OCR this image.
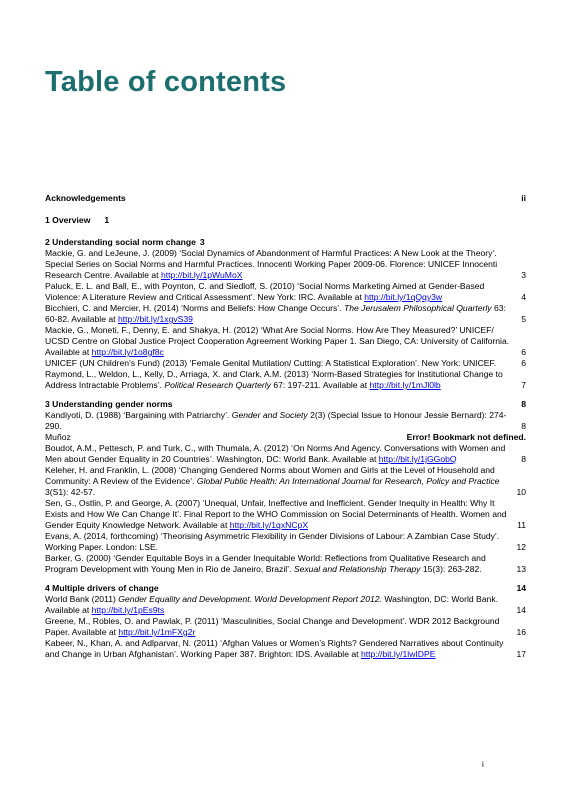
Table of contents
Acknowledgements	ii
1 Overview 1
2 Understanding social norm change 3
Mackie, G. and LeJeune, J. (2009) ‘Social Dynamics of Abandonment of Harmful Practices: A New Look at the Theory’. Special Series on Social Norms and Harmful Practices. Innocenti Working Paper 2009-06. Florence: UNICEF Innocenti Research Centre. Available at http://bit.ly/1pWuMoX	3
Paluck, E. L. and Ball, E., with Poynton, C. and Siedloff, S. (2010) ‘Social Norms Marketing Aimed at Gender-Based Violence: A Literature Review and Critical Assessment’. New York: IRC. Available at http://bit.ly/1qQqy3w	4
Bicchieri, C. and Mercier, H. (2014) ‘Norms and Beliefs: How Change Occurs’. The Jerusalem Philosophical Quarterly 63: 60-82. Available at http://bit.ly/1xgvS39	5
Mackie, G., Moneti, F., Denny, E. and Shakya, H. (2012) ‘What Are Social Norms. How Are They Measured?’ UNICEF/ UCSD Centre on Global Justice Project Cooperation Agreement Working Paper 1. San Diego, CA: University of California. Available at http://bit.ly/1o8gf8c	6
UNICEF (UN Children’s Fund) (2013) ‘Female Genital Mutilation/ Cutting: A Statistical Exploration’. New York: UNICEF.	6
Raymond, L., Weldon, L., Kelly, D., Arriaga, X. and Clark, A.M. (2013) ‘Norm-Based Strategies for Institutional Change to Address Intractable Problems’. Political Research Quarterly 67: 197-211. Available at http://bit.ly/1mJl0lb	7
3 Understanding gender norms	8
Kandiyoti, D. (1988) ‘Bargaining with Patriarchy’. Gender and Society 2(3) (Special Issue to Honour Jessie Bernard): 274-290.	8
Muñoz	Error! Bookmark not defined.
Boudot, A.M., Pettesch, P. and Turk, C., with Thumala, A. (2012) ‘On Norms And Agency. Conversations with Women and Men about Gender Equality in 20 Countries’. Washington, DC: World Bank. Available at http://bit.ly/1jGGobQ	8
Keleher, H. and Franklin, L. (2008) ‘Changing Gendered Norms about Women and Girls at the Level of Household and Community: A Review of the Evidence’. Global Public Health: An International Journal for Research, Policy and Practice 3(S1): 42-57.	10
Sen, G., Ostlin, P. and George, A. (2007) ‘Unequal, Unfair, Ineffective and Inefficient. Gender Inequity in Health: Why It Exists and How We Can Change It’. Final Report to the WHO Commission on Social Determinants of Health. Women and Gender Equity Knowledge Network. Available at http://bit.ly/1qxNCpX	11
Evans, A. (2014, forthcoming) ‘Theorising Asymmetric Flexibility in Gender Divisions of Labour: A Zambian Case Study’. Working Paper. London: LSE.	12
Barker, G. (2000) ‘Gender Equitable Boys in a Gender Inequitable World: Reflections from Qualitative Research and Program Development with Young Men in Rio de Janeiro, Brazil’. Sexual and Relationship Therapy 15(3): 263-282.	13
4 Multiple drivers of change	14
World Bank (2011) Gender Equality and Development. World Development Report 2012. Washington, DC: World Bank. Available at http://bit.ly/1pEs9ts	14
Greene, M., Robles, O. and Pawlak, P. (2011) ‘Masculinities, Social Change and Development’. WDR 2012 Background Paper. Available at http://bit.ly/1mFXg2r	16
Kabeer, N., Khan, A. and Adlparvar, N. (2011) ‘Afghan Values or Women’s Rights? Gendered Narratives about Continuity and Change in Urban Afghanistan’. Working Paper 387. Brighton: IDS. Available at http://bit.ly/1lwIDPE	17
i
